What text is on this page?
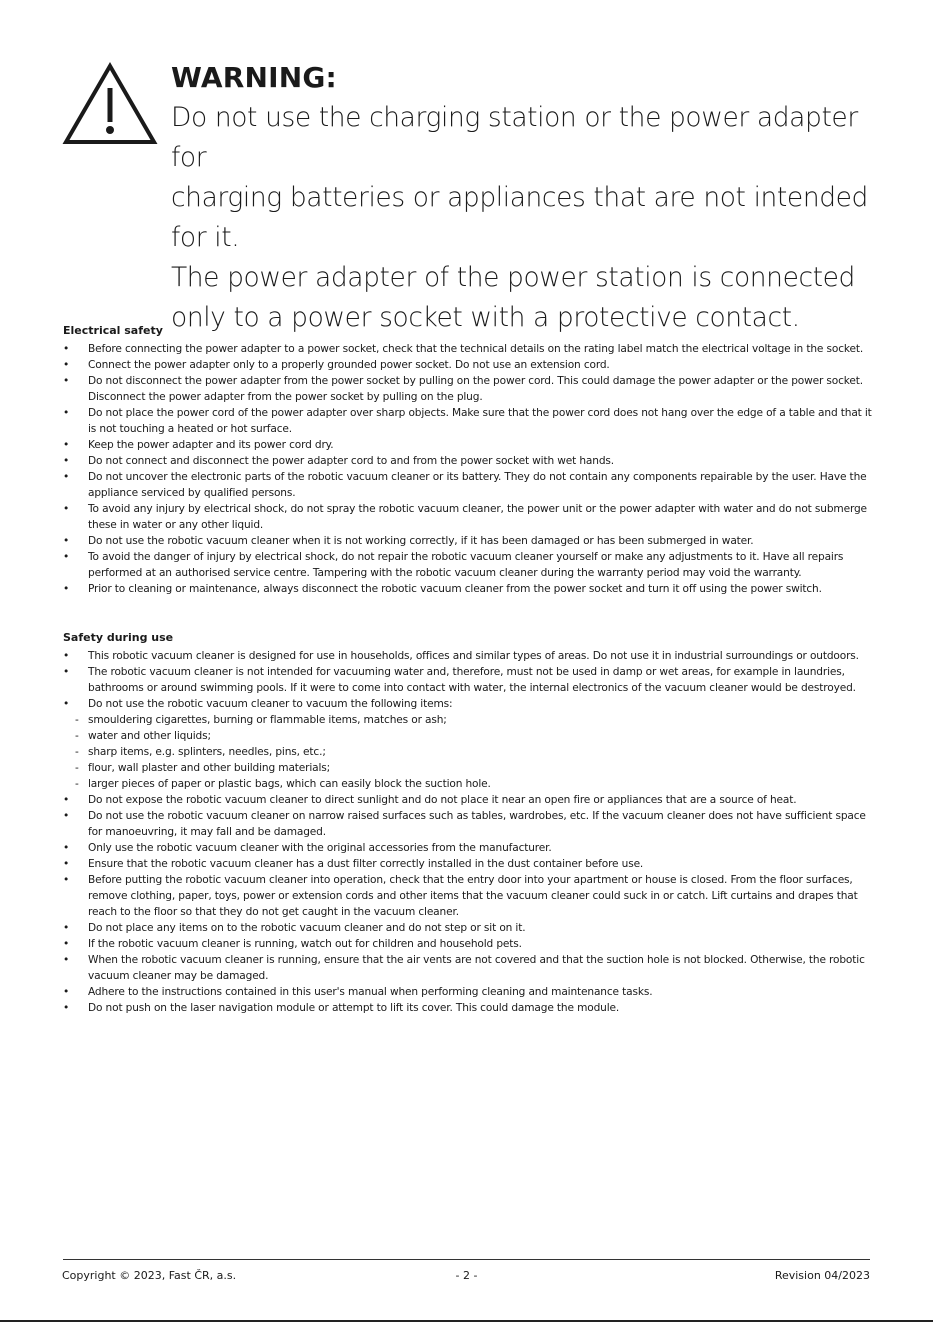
WARNING:

Do not use the charging station or the power adapter for

charging batteries or appliances that are not intended

for it.

The power adapter of the power station is connected

only to a power socket with a protective contact.

Electrical safety

•	Before connecting the power adapter to a power socket, check that the technical details on the rating label match the electrical voltage in the socket.
•	Connect the power adapter only to a properly grounded power socket. Do not use an extension cord.
•	Do not disconnect the power adapter from the power socket by pulling on the power cord. This could damage the power adapter or the power socket. Disconnect the power adapter from the power socket by pulling on the plug.
•	Do not place the power cord of the power adapter over sharp objects. Make sure that the power cord does not hang over the edge of a table and that it is not touching a heated or hot surface.
•	Keep the power adapter and its power cord dry.
•	Do not connect and disconnect the power adapter cord to and from the power socket with wet hands.
•	Do not uncover the electronic parts of the robotic vacuum cleaner or its battery. They do not contain any components repairable by the user. Have the appliance serviced by qualified persons.
•	To avoid any injury by electrical shock, do not spray the robotic vacuum cleaner, the power unit or the power adapter with water and do not submerge these in water or any other liquid.
•	Do not use the robotic vacuum cleaner when it is not working correctly, if it has been damaged or has been submerged in water.
•	To avoid the danger of injury by electrical shock, do not repair the robotic vacuum cleaner yourself or make any adjustments to it. Have all repairs performed at an authorised service centre. Tampering with the robotic vacuum cleaner during the warranty period may void the warranty.
•	Prior to cleaning or maintenance, always disconnect the robotic vacuum cleaner from the power socket and turn it off using the power switch.

Safety during use

•	This robotic vacuum cleaner is designed for use in households, offices and similar types of areas. Do not use it in industrial surroundings or outdoors.
•	The robotic vacuum cleaner is not intended for vacuuming water and, therefore, must not be used in damp or wet areas, for example in laundries, bathrooms or around swimming pools. If it were to come into contact with water, the internal electronics of the vacuum cleaner would be destroyed.
•	Do not use the robotic vacuum cleaner to vacuum the following items:
- smouldering cigarettes, burning or flammable items, matches or ash;
- water and other liquids;
- sharp items, e.g. splinters, needles, pins, etc.;
- flour, wall plaster and other building materials;
- larger pieces of paper or plastic bags, which can easily block the suction hole.
•	Do not expose the robotic vacuum cleaner to direct sunlight and do not place it near an open fire or appliances that are a source of heat.
•	Do not use the robotic vacuum cleaner on narrow raised surfaces such as tables, wardrobes, etc. If the vacuum cleaner does not have sufficient space for manoeuvring, it may fall and be damaged.
•	Only use the robotic vacuum cleaner with the original accessories from the manufacturer.
•	Ensure that the robotic vacuum cleaner has a dust filter correctly installed in the dust container before use.
•	Before putting the robotic vacuum cleaner into operation, check that the entry door into your apartment or house is closed. From the floor surfaces, remove clothing, paper, toys, power or extension cords and other items that the vacuum cleaner could suck in or catch. Lift curtains and drapes that reach to the floor so that they do not get caught in the vacuum cleaner.
•	Do not place any items on to the robotic vacuum cleaner and do not step or sit on it.
•	If the robotic vacuum cleaner is running, watch out for children and household pets.
•	When the robotic vacuum cleaner is running, ensure that the air vents are not covered and that the suction hole is not blocked. Otherwise, the robotic vacuum cleaner may be damaged.
•	Adhere to the instructions contained in this user's manual when performing cleaning and maintenance tasks.
•	Do not push on the laser navigation module or attempt to lift its cover. This could damage the module.
Copyright © 2023, Fast ČR, a.s.	- 2 -	Revision 04/2023
